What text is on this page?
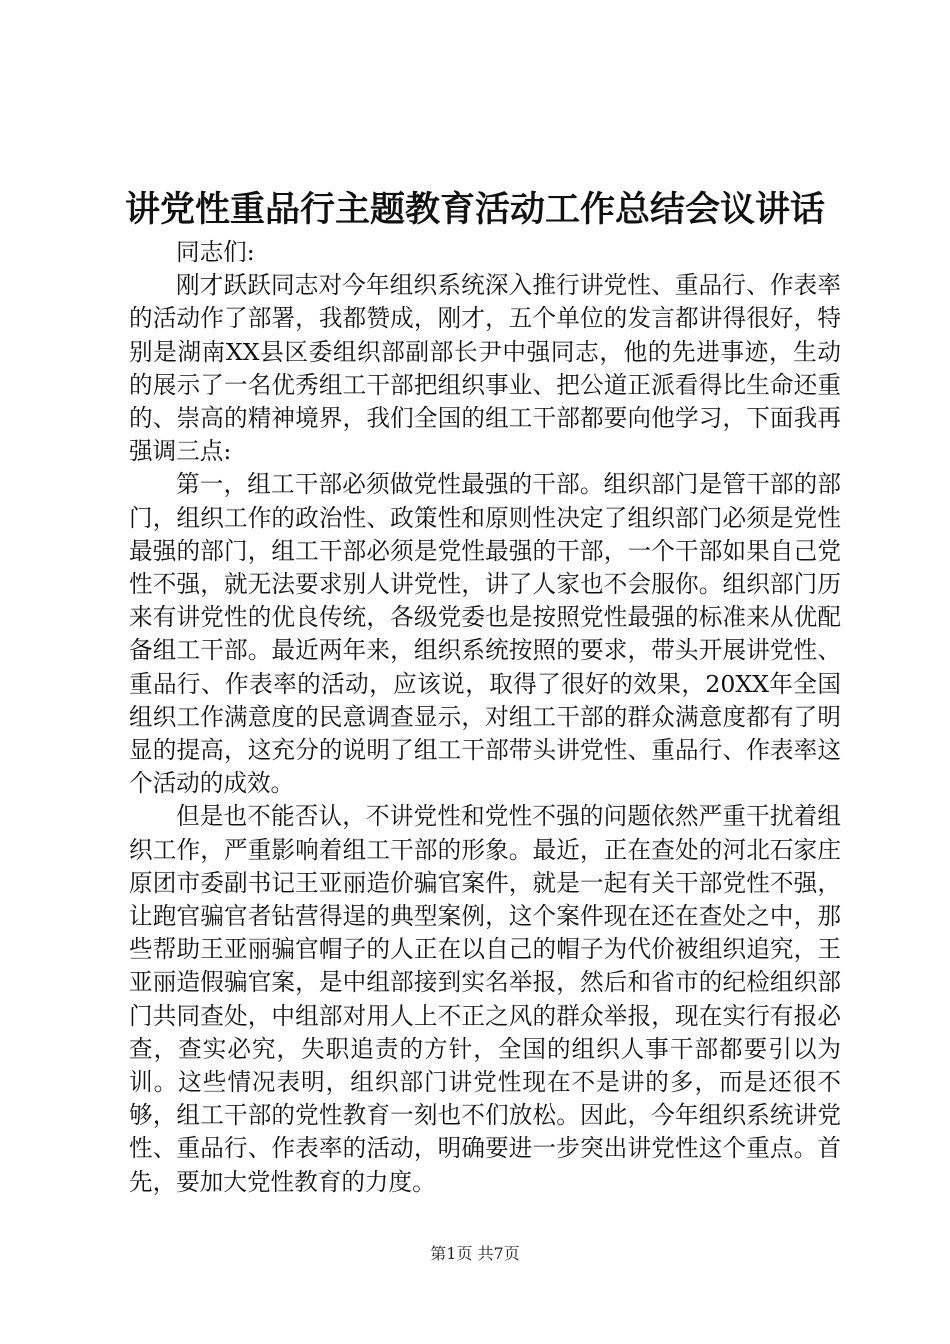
讲党性重品行主题教育活动工作总结会议讲话

同志们:

刚才跃跃同志对今年组织系统深入推行讲党性、重品行、作表率的活动作了部署，我都赞成，刚才，五个单位的发言都讲得很好，特别是湖南XX县区委组织部副部长尹中强同志，他的先进事迹，生动的展示了一名优秀组工干部把组织事业、把公道正派看得比生命还重的、崇高的精神境界，我们全国的组工干部都要向他学习，下面我再强调三点:

第一，组工干部必须做党性最强的干部。组织部门是管干部的部门，组织工作的政治性、政策性和原则性决定了组织部门必须是党性最强的部门，组工干部必须是党性最强的干部，一个干部如果自己党性不强，就无法要求别人讲党性，讲了人家也不会服你。组织部门历来有讲党性的优良传统，各级党委也是按照党性最强的标准来从优配备组工干部。最近两年来，组织系统按照的要求，带头开展讲党性、重品行、作表率的活动，应该说，取得了很好的效果，20XX年全国组织工作满意度的民意调查显示，对组工干部的群众满意度都有了明显的提高，这充分的说明了组工干部带头讲党性、重品行、作表率这个活动的成效。

但是也不能否认，不讲党性和党性不强的问题依然严重干扰着组织工作，严重影响着组工干部的形象。最近，正在查处的河北石家庄原团市委副书记王亚丽造价骗官案件，就是一起有关干部党性不强，让跑官骗官者钻营得逞的典型案例，这个案件现在还在查处之中，那些帮助王亚丽骗官帽子的人正在以自己的帽子为代价被组织追究，王亚丽造假骗官案，是中组部接到实名举报，然后和省市的纪检组织部门共同查处，中组部对用人上不正之风的群众举报，现在实行有报必查，查实必究，失职追责的方针，全国的组织人事干部都要引以为训。这些情况表明，组织部门讲党性现在不是讲的多，而是还很不够，组工干部的党性教育一刻也不们放松。因此，今年组织系统讲党性、重品行、作表率的活动，明确要进一步突出讲党性这个重点。首先，要加大党性教育的力度。

第1页 共7页
